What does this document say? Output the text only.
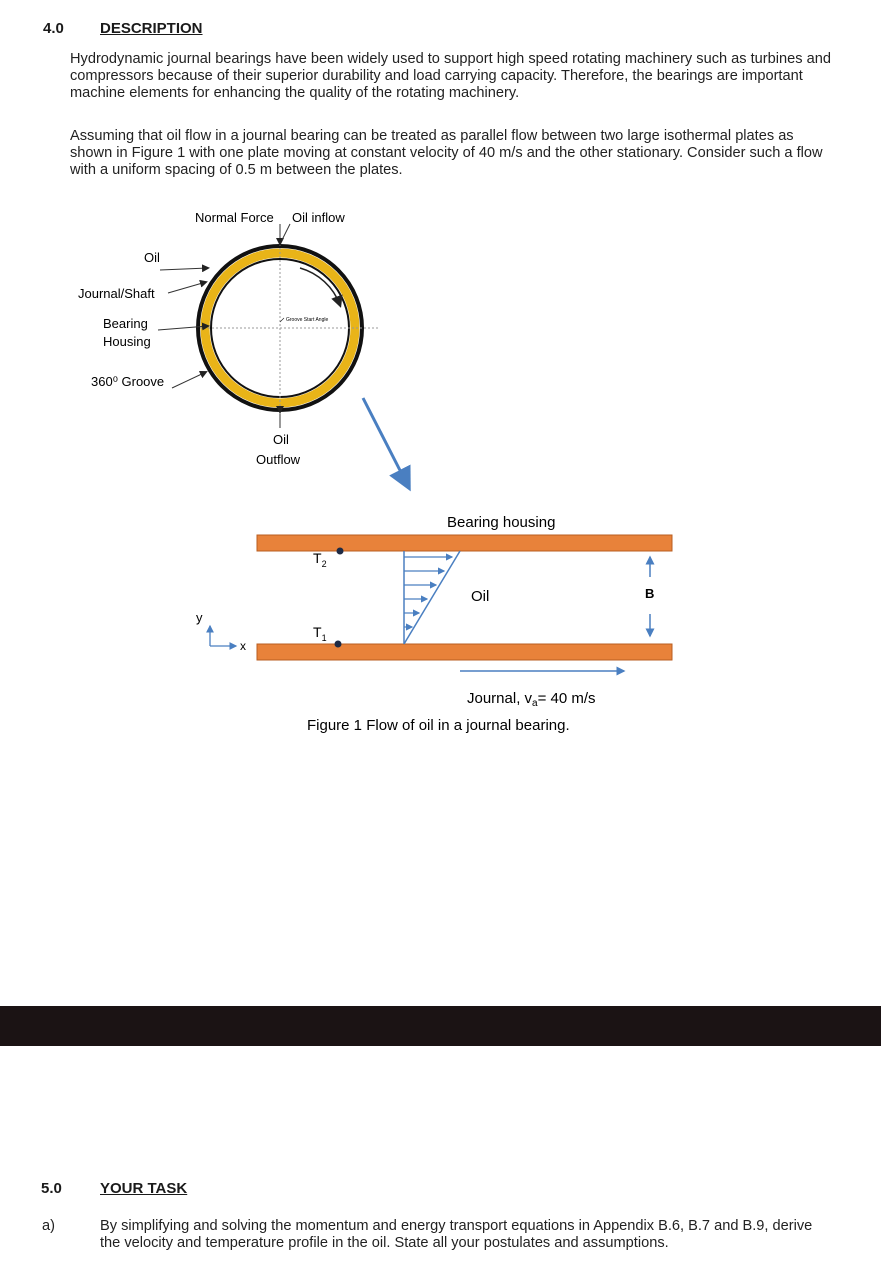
4.0 DESCRIPTION
Hydrodynamic journal bearings have been widely used to support high speed rotating machinery such as turbines and compressors because of their superior durability and load carrying capacity. Therefore, the bearings are important machine elements for enhancing the quality of the rotating machinery.
Assuming that oil flow in a journal bearing can be treated as parallel flow between two large isothermal plates as shown in Figure 1 with one plate moving at constant velocity of 40 m/s and the other stationary. Consider such a flow with a uniform spacing of 0.5 m between the plates.
Normal Force Oil inflow
Oil
Journal/Shaft
Bearing
Housing
360⁰ Groove
Groove Start Angle
Oil
Outflow
Bearing housing
Oil	B
$T_2$
$T_1$
y
x
Journal, $v_a= 40$ m/s
Figure 1 Flow of oil in a journal bearing.
5.0	YOUR TASK
a)	By simplifying and solving the momentum and energy transport equations in Appendix B.6, B.7 and B.9, derive the velocity and temperature profile in the oil. State all your postulates and assumptions.
